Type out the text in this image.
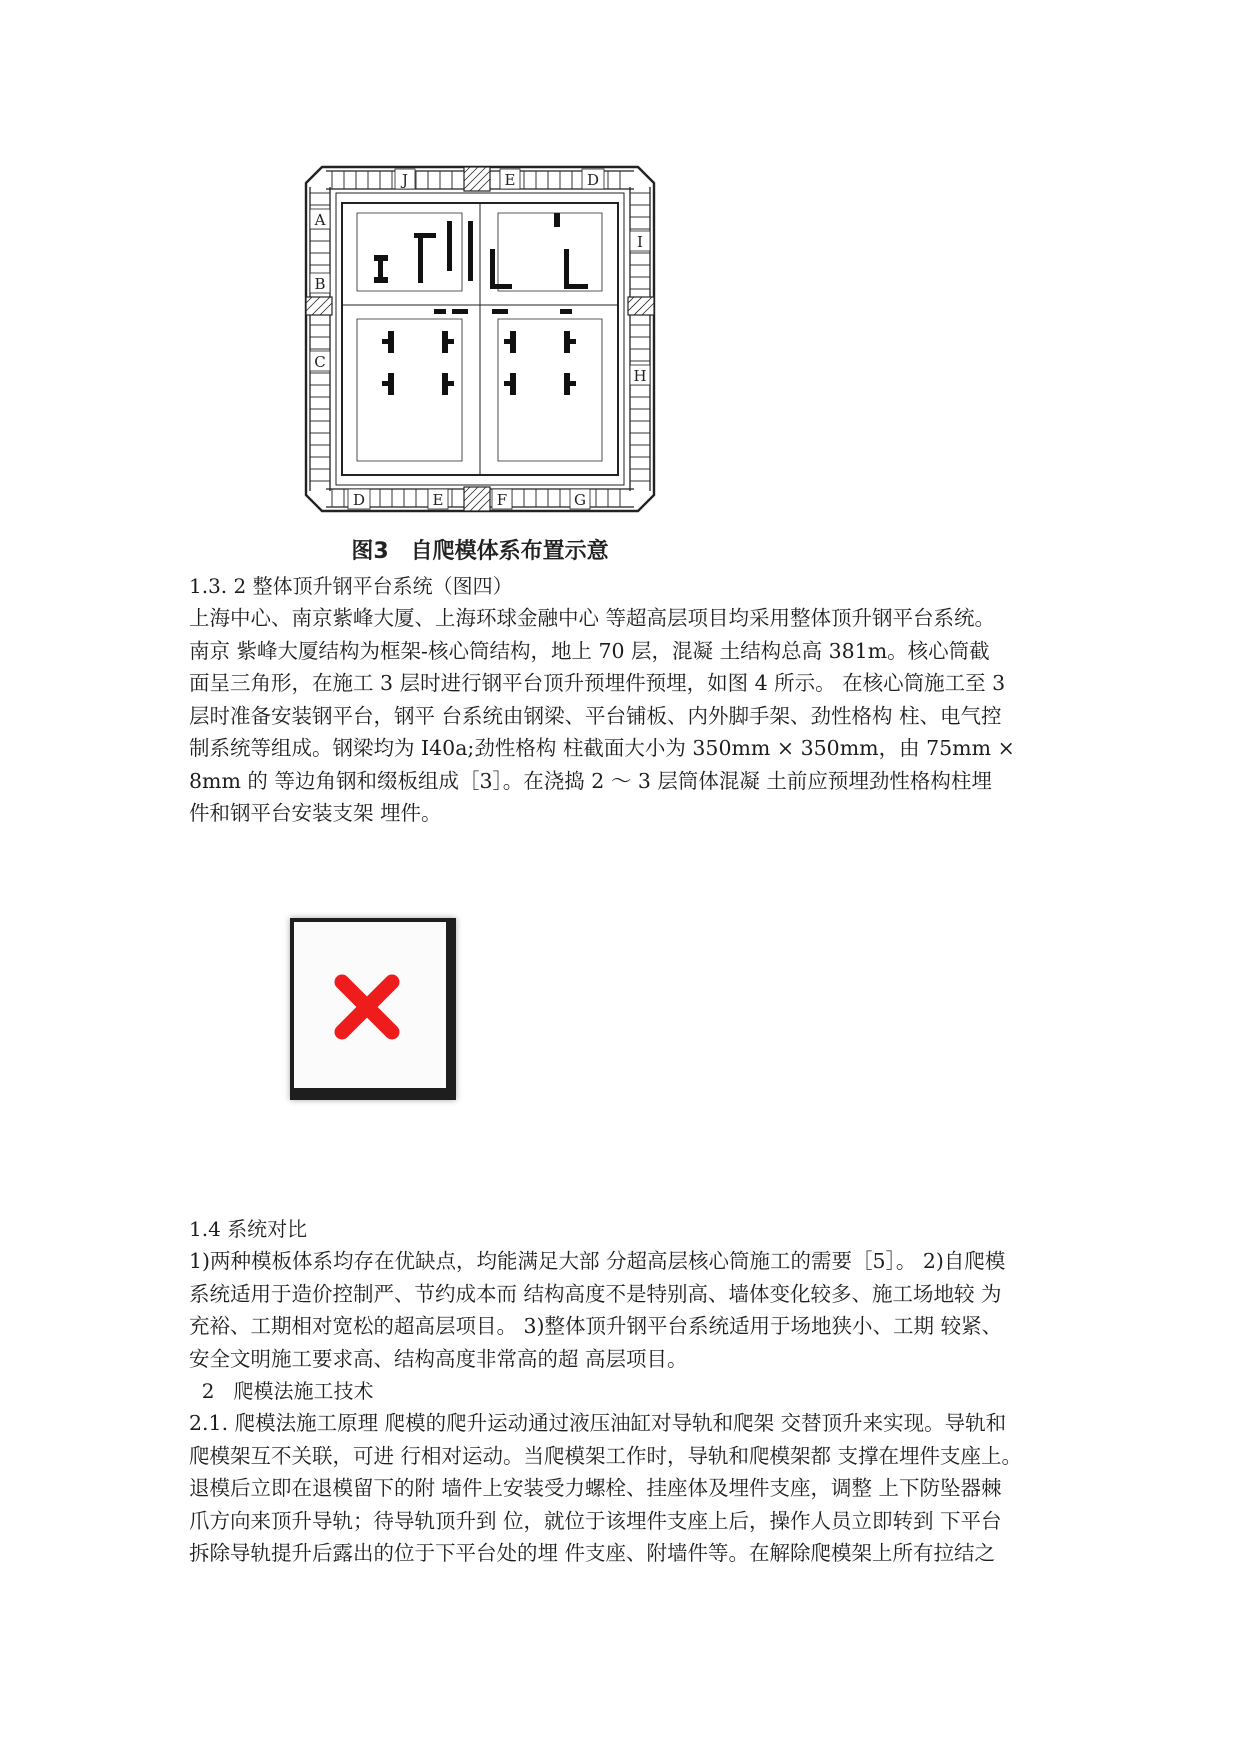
J	E	D
A
B
C
I
H
D	E	F	G
图3 自爬模体系布置示意
1.3. 2 整体顶升钢平台系统（图四）

上海中心、南京紫峰大厦、上海环球金融中心 等超高层项目均采用整体顶升钢平台系统。

南京 紫峰大厦结构为框架-核心筒结构，地上 70 层，混凝 土结构总高 381m。核心筒截

面呈三角形，在施工 3 层时进行钢平台顶升预埋件预埋，如图 4 所示。 在核心筒施工至 3

层时准备安装钢平台，钢平 台系统由钢梁、平台铺板、内外脚手架、劲性格构 柱、电气控

制系统等组成。钢梁均为 I40a;劲性格构 柱截面大小为 350mm × 350mm，由 75mm ×

8mm 的 等边角钢和缀板组成［3］。在浇捣 2 ～ 3 层筒体混凝 土前应预埋劲性格构柱埋

件和钢平台安装支架 埋件。

1.4 系统对比

1)两种模板体系均存在优缺点，均能满足大部 分超高层核心筒施工的需要［5］。 2)自爬模

系统适用于造价控制严、节约成本而 结构高度不是特别高、墙体变化较多、施工场地较 为

充裕、工期相对宽松的超高层项目。 3)整体顶升钢平台系统适用于场地狭小、工期 较紧、

安全文明施工要求高、结构高度非常高的超 高层项目。

2   爬模法施工技术

2.1. 爬模法施工原理 爬模的爬升运动通过液压油缸对导轨和爬架 交替顶升来实现。导轨和

爬模架互不关联，可进 行相对运动。当爬模架工作时，导轨和爬模架都 支撑在埋件支座上。

退模后立即在退模留下的附 墙件上安装受力螺栓、挂座体及埋件支座，调整 上下防坠器棘

爪方向来顶升导轨；待导轨顶升到 位，就位于该埋件支座上后，操作人员立即转到 下平台

拆除导轨提升后露出的位于下平台处的埋 件支座、附墙件等。在解除爬模架上所有拉结之
